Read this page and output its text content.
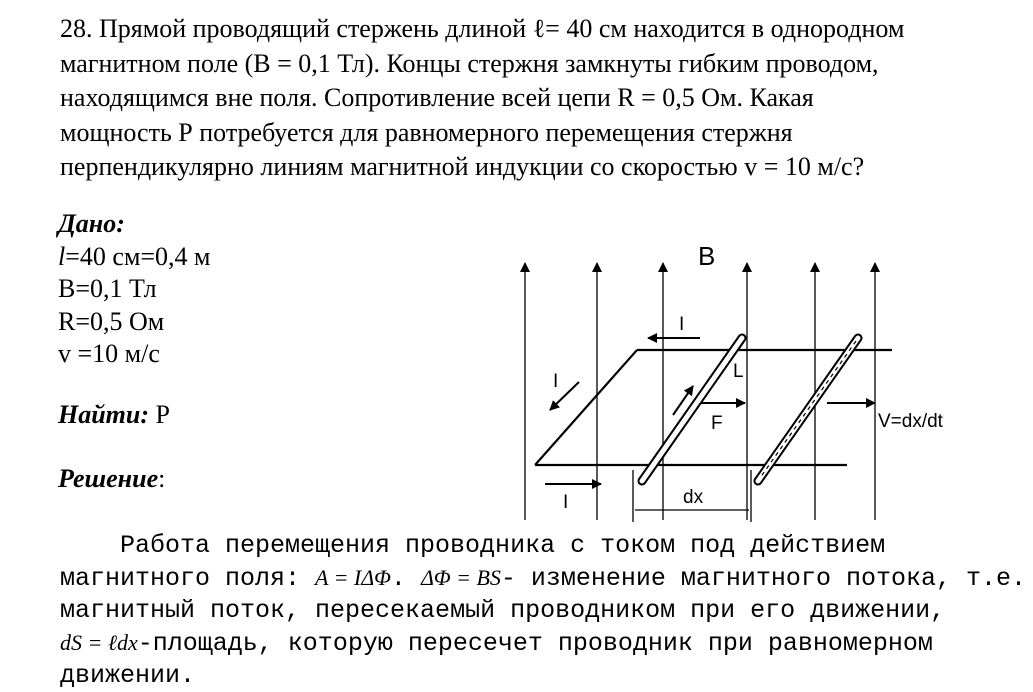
28. Прямой проводящий стержень длиной ℓ= 40 см находится в однородном
магнитном поле (В = 0,1 Тл). Концы стержня замкнуты гибким проводом,
находящимся вне поля. Сопротивление всей цепи R = 0,5 Ом. Какая
мощность Р потребуется для равномерного перемещения стержня
перпендикулярно линиям магнитной индукции со скоростью v = 10 м/с?
Дано:
l=40 см=0,4 м
B=0,1 Тл
R=0,5 Ом
v =10 м/с
Найти: Р
Решение:
B
I
I
I
L
F	V=dx/dt
dx
Работа перемещения проводника с током под действием
магнитного поля: A = IΔΦ. ΔΦ = BS- изменение магнитного потока, т.е.
магнитный поток, пересекаемый проводником при его движении,
dS = ℓdx-площадь, которую пересечет проводник при равномерном
движении.
